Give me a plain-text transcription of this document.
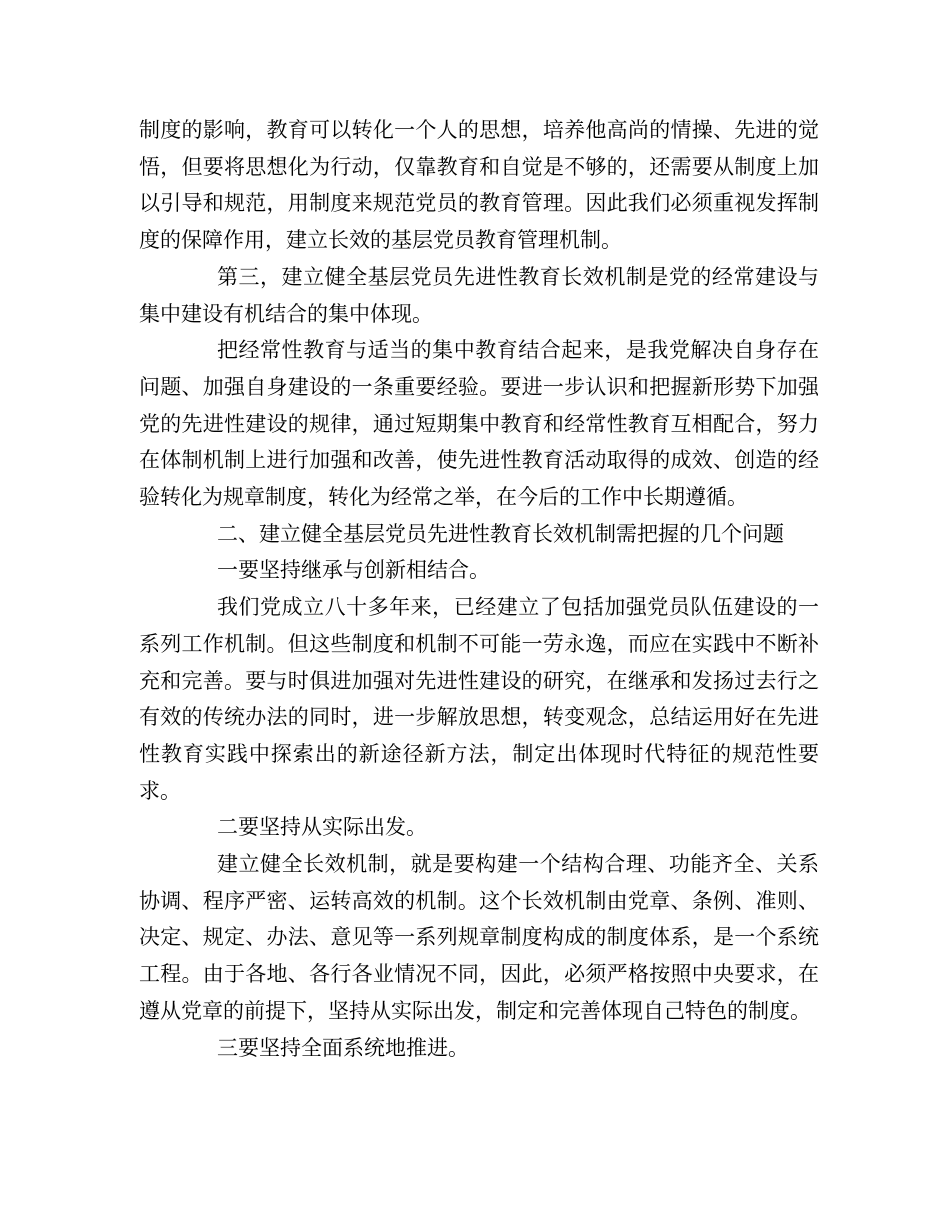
制度的影响，教育可以转化一个人的思想，培养他高尚的情操、先进的觉悟，但要将思想化为行动，仅靠教育和自觉是不够的，还需要从制度上加以引导和规范，用制度来规范党员的教育管理。因此我们必须重视发挥制度的保障作用，建立长效的基层党员教育管理机制。

第三，建立健全基层党员先进性教育长效机制是党的经常建设与集中建设有机结合的集中体现。

把经常性教育与适当的集中教育结合起来，是我党解决自身存在问题、加强自身建设的一条重要经验。要进一步认识和把握新形势下加强党的先进性建设的规律，通过短期集中教育和经常性教育互相配合，努力在体制机制上进行加强和改善，使先进性教育活动取得的成效、创造的经验转化为规章制度，转化为经常之举，在今后的工作中长期遵循。

二、建立健全基层党员先进性教育长效机制需把握的几个问题

一要坚持继承与创新相结合。

我们党成立八十多年来，已经建立了包括加强党员队伍建设的一系列工作机制。但这些制度和机制不可能一劳永逸，而应在实践中不断补充和完善。要与时俱进加强对先进性建设的研究，在继承和发扬过去行之有效的传统办法的同时，进一步解放思想，转变观念，总结运用好在先进性教育实践中探索出的新途径新方法，制定出体现时代特征的规范性要求。

二要坚持从实际出发。

建立健全长效机制，就是要构建一个结构合理、功能齐全、关系协调、程序严密、运转高效的机制。这个长效机制由党章、条例、准则、决定、规定、办法、意见等一系列规章制度构成的制度体系，是一个系统工程。由于各地、各行各业情况不同，因此，必须严格按照中央要求，在遵从党章的前提下，坚持从实际出发，制定和完善体现自己特色的制度。

三要坚持全面系统地推进。
